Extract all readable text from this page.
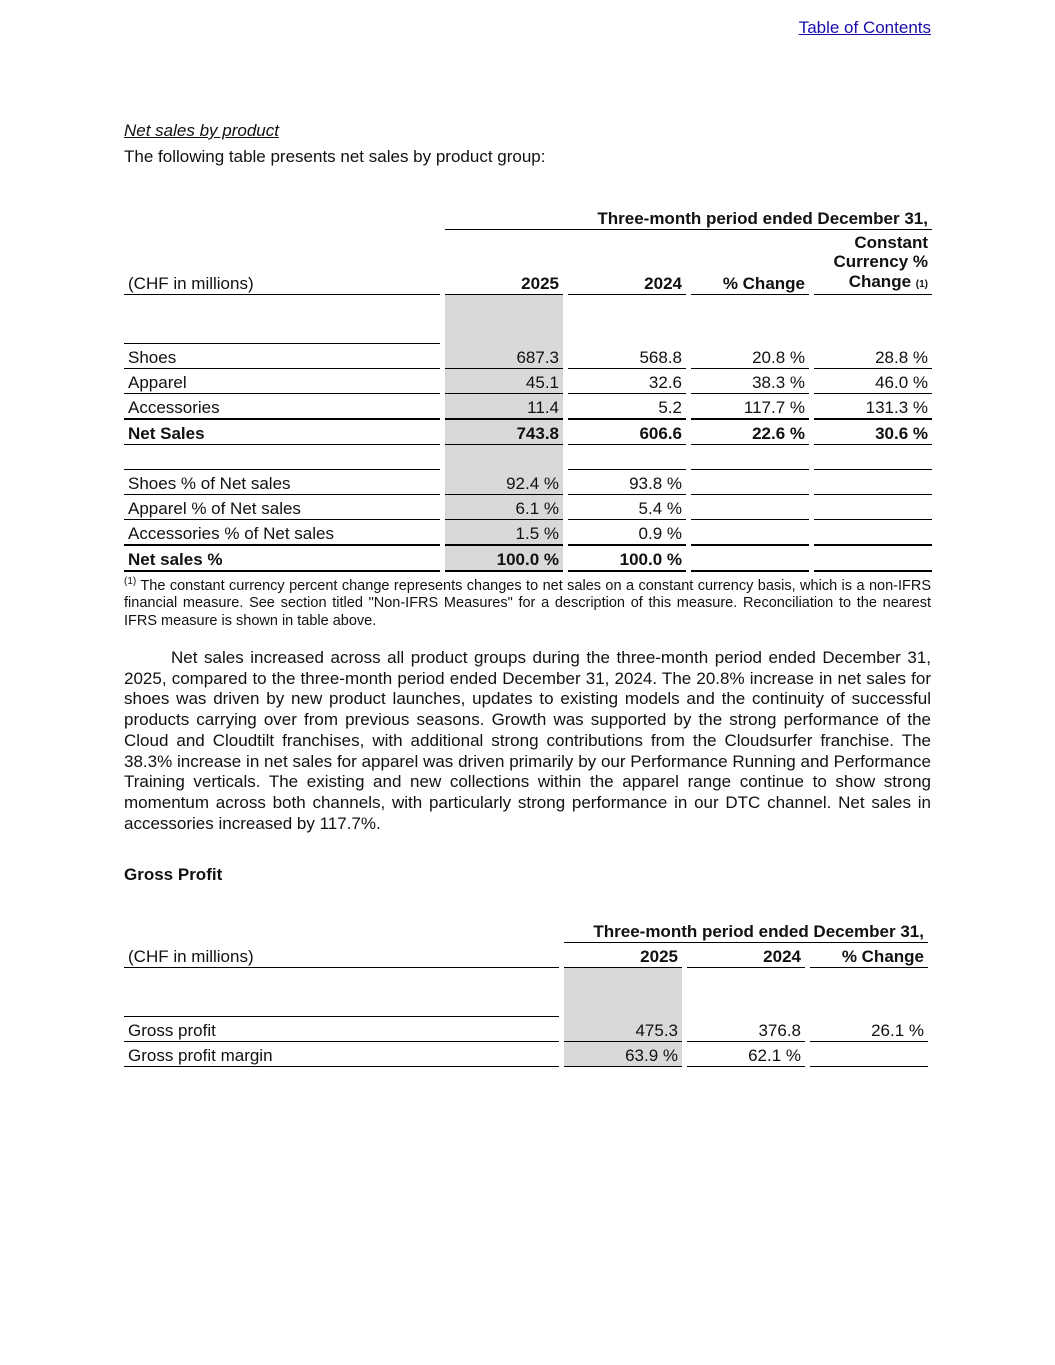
Table of Contents
Net sales by product
The following table presents net sales by product group:
	Three-month period ended December 31,			
(CHF in millions)	2025	2024	% Change	Constant
Currency %
Change (1)

Shoes	687.3	568.8	20.8 %	28.8 %
Apparel	45.1	32.6	38.3 %	46.0 %
Accessories	11.4	5.2	117.7 %	131.3 %
Net Sales	743.8	606.6	22.6 %	30.6 %

Shoes % of Net sales	92.4 %	93.8 %		
Apparel % of Net sales	6.1 %	5.4 %		
Accessories % of Net sales	1.5 %	0.9 %		
Net sales %	100.0 %	100.0 %		
$^{(1)}$ The constant currency percent change represents changes to net sales on a constant currency basis, which is a non-IFRS financial measure. See section titled "Non-IFRS Measures" for a description of this measure. Reconciliation to the nearest IFRS measure is shown in table above.
Net sales increased across all product groups during the three-month period ended December 31, 2025, compared to the three-month period ended December 31, 2024. The 20.8% increase in net sales for shoes was driven by new product launches, updates to existing models and the continuity of successful products carrying over from previous seasons. Growth was supported by the strong performance of the Cloud and Cloudtilt franchises, with additional strong contributions from the Cloudsurfer franchise. The 38.3% increase in net sales for apparel was driven primarily by our Performance Running and Performance Training verticals. The existing and new collections within the apparel range continue to show strong momentum across both channels, with particularly strong performance in our DTC channel. Net sales in accessories increased by 117.7%.
Gross Profit
	Three-month period ended December 31,		
(CHF in millions)	2025	2024	% Change

Gross profit	475.3	376.8	26.1 %
Gross profit margin	63.9 %	62.1 %	
